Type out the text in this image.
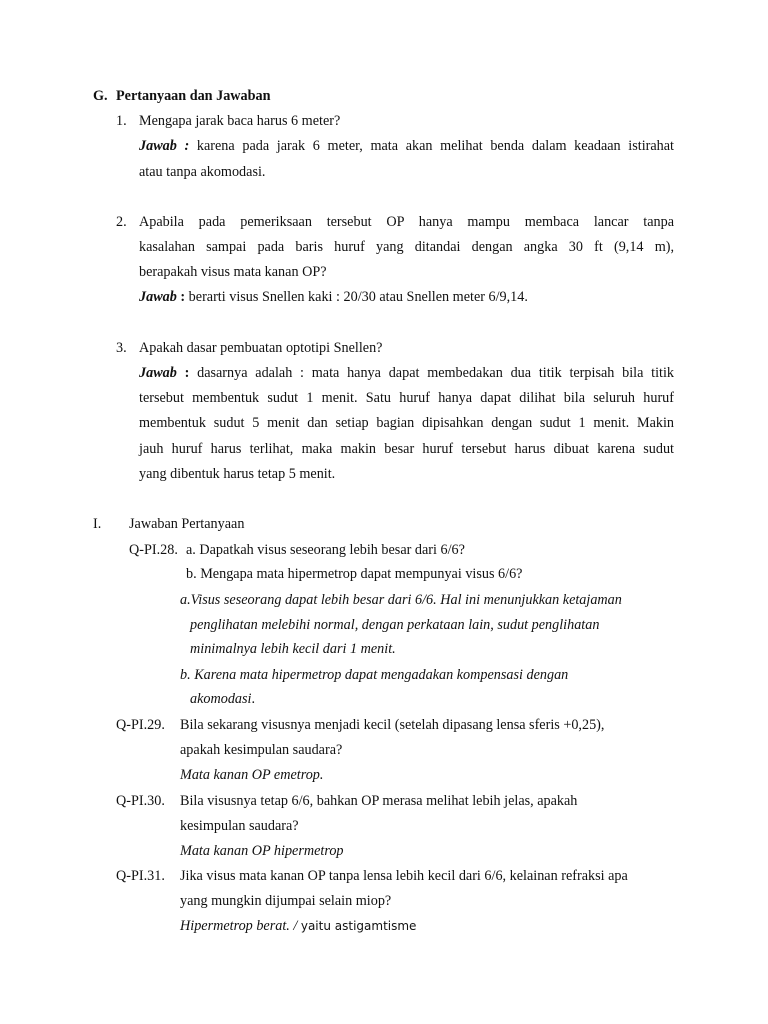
G. Pertanyaan dan Jawaban
1. Mengapa jarak baca harus 6 meter?
Jawab : karena pada jarak 6 meter, mata akan melihat benda dalam keadaan istirahat
atau tanpa akomodasi.
2. Apabila pada pemeriksaan tersebut OP hanya mampu membaca lancar tanpa
kasalahan sampai pada baris huruf yang ditandai dengan angka 30 ft (9,14 m),
berapakah visus mata kanan OP?
Jawab : berarti visus Snellen kaki : 20/30 atau Snellen meter 6/9,14.
3. Apakah dasar pembuatan optotipi Snellen?
Jawab : dasarnya adalah : mata hanya dapat membedakan dua titik terpisah bila titik
tersebut membentuk sudut 1 menit. Satu huruf hanya dapat dilihat bila seluruh huruf
membentuk sudut 5 menit dan setiap bagian dipisahkan dengan sudut 1 menit. Makin
jauh huruf harus terlihat, maka makin besar huruf tersebut harus dibuat karena sudut
yang dibentuk harus tetap 5 menit.
I. Jawaban Pertanyaan
Q-PI.28. a. Dapatkah visus seseorang lebih besar dari 6/6?
b. Mengapa mata hipermetrop dapat mempunyai visus 6/6?
a.Visus seseorang dapat lebih besar dari 6/6. Hal ini menunjukkan ketajaman
penglihatan melebihi normal, dengan perkataan lain, sudut penglihatan
minimalnya lebih kecil dari 1 menit.
b. Karena mata hipermetrop dapat mengadakan kompensasi dengan
akomodasi.
Q-PI.29. Bila sekarang visusnya menjadi kecil (setelah dipasang lensa sferis +0,25),
apakah kesimpulan saudara?
Mata kanan OP emetrop.
Q-PI.30. Bila visusnya tetap 6/6, bahkan OP merasa melihat lebih jelas, apakah
kesimpulan saudara?
Mata kanan OP hipermetrop
Q-PI.31. Jika visus mata kanan OP tanpa lensa lebih kecil dari 6/6, kelainan refraksi apa
yang mungkin dijumpai selain miop?
Hipermetrop berat. / yaitu astigamtisme
